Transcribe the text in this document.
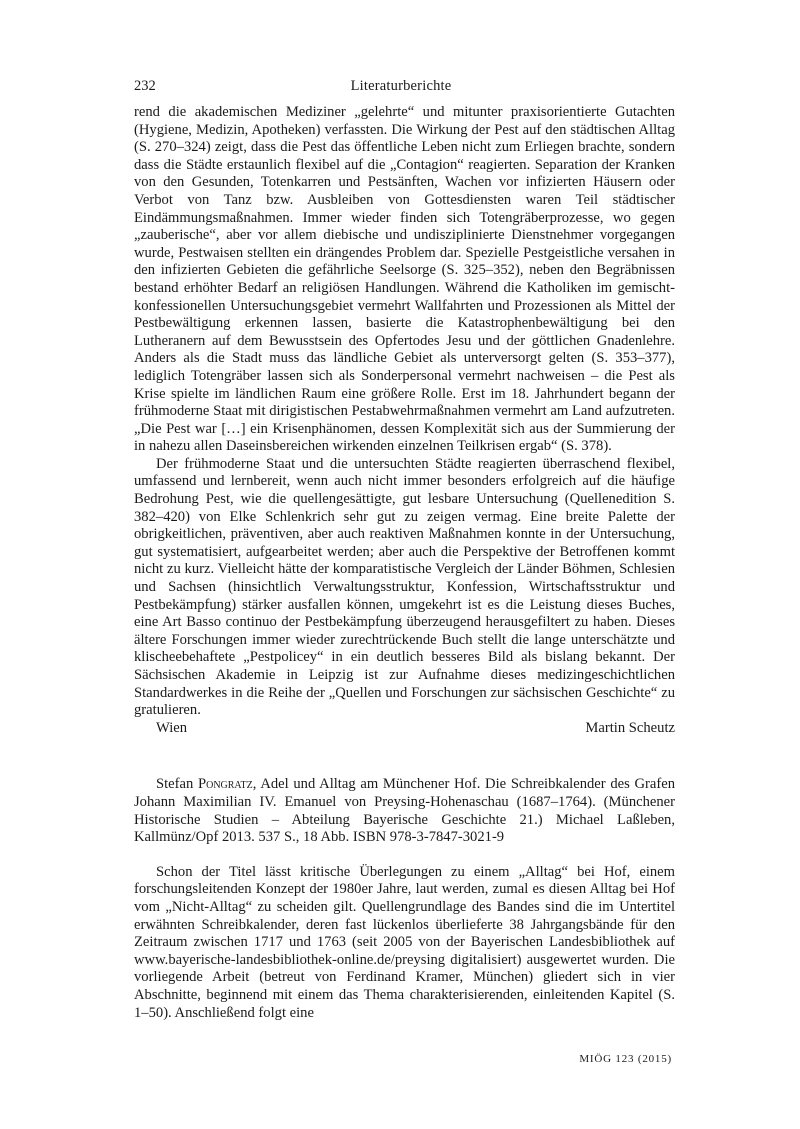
232	Literaturberichte

rend die akademischen Mediziner „gelehrte“ und mitunter praxisorientierte Gutachten (Hygiene, Medizin, Apotheken) verfassten. Die Wirkung der Pest auf den städtischen Alltag (S. 270–324) zeigt, dass die Pest das öffentliche Leben nicht zum Erliegen brachte, sondern dass die Städte erstaunlich flexibel auf die „Contagion“ reagierten. Separation der Kranken von den Gesunden, Totenkarren und Pestsänften, Wachen vor infizierten Häusern oder Verbot von Tanz bzw. Ausbleiben von Gottesdiensten waren Teil städtischer Eindämmungsmaßnahmen. Immer wieder finden sich Totengräberprozesse, wo gegen „zauberische“, aber vor allem diebische und undisziplinierte Dienstnehmer vorgegangen wurde, Pestwaisen stellten ein drängendes Problem dar. Spezielle Pestgeistliche versahen in den infizierten Gebieten die gefährliche Seelsorge (S. 325–352), neben den Begräbnissen bestand erhöhter Bedarf an religiösen Handlungen. Während die Katholiken im gemischt-konfessionellen Untersuchungsgebiet vermehrt Wallfahrten und Prozessionen als Mittel der Pestbewältigung erkennen lassen, basierte die Katastrophenbewältigung bei den Lutheranern auf dem Bewusstsein des Opfertodes Jesu und der göttlichen Gnadenlehre. Anders als die Stadt muss das ländliche Gebiet als unterversorgt gelten (S. 353–377), lediglich Totengräber lassen sich als Sonderpersonal vermehrt nachweisen – die Pest als Krise spielte im ländlichen Raum eine größere Rolle. Erst im 18. Jahrhundert begann der frühmoderne Staat mit dirigistischen Pestabwehrmaßnahmen vermehrt am Land aufzutreten. „Die Pest war […] ein Krisenphänomen, dessen Komplexität sich aus der Summierung der in nahezu allen Daseinsbereichen wirkenden einzelnen Teilkrisen ergab“ (S. 378).

Der frühmoderne Staat und die untersuchten Städte reagierten überraschend flexibel, umfassend und lernbereit, wenn auch nicht immer besonders erfolgreich auf die häufige Bedrohung Pest, wie die quellengesättigte, gut lesbare Untersuchung (Quellenedition S. 382–420) von Elke Schlenkrich sehr gut zu zeigen vermag. Eine breite Palette der obrigkeitlichen, präventiven, aber auch reaktiven Maßnahmen konnte in der Untersuchung, gut systematisiert, aufgearbeitet werden; aber auch die Perspektive der Betroffenen kommt nicht zu kurz. Vielleicht hätte der komparatistische Vergleich der Länder Böhmen, Schlesien und Sachsen (hinsichtlich Verwaltungsstruktur, Konfession, Wirtschaftsstruktur und Pestbekämpfung) stärker ausfallen können, umgekehrt ist es die Leistung dieses Buches, eine Art Basso continuo der Pestbekämpfung überzeugend herausgefiltert zu haben. Dieses ältere Forschungen immer wieder zurechtrückende Buch stellt die lange unterschätzte und klischeebehaftete „Pestpolicey“ in ein deutlich besseres Bild als bislang bekannt. Der Sächsischen Akademie in Leipzig ist zur Aufnahme dieses medizingeschichtlichen Standardwerkes in die Reihe der „Quellen und Forschungen zur sächsischen Geschichte“ zu gratulieren.

Wien	Martin Scheutz

Stefan Pongratz, Adel und Alltag am Münchener Hof. Die Schreibkalender des Grafen Johann Maximilian IV. Emanuel von Preysing-Hohenaschau (1687–1764). (Münchener Historische Studien – Abteilung Bayerische Geschichte 21.) Michael Laßleben, Kallmünz/Opf 2013. 537 S., 18 Abb. ISBN 978-3-7847-3021-9

Schon der Titel lässt kritische Überlegungen zu einem „Alltag“ bei Hof, einem forschungsleitenden Konzept der 1980er Jahre, laut werden, zumal es diesen Alltag bei Hof vom „Nicht-Alltag“ zu scheiden gilt. Quellengrundlage des Bandes sind die im Untertitel erwähnten Schreibkalender, deren fast lückenlos überlieferte 38 Jahrgangsbände für den Zeitraum zwischen 1717 und 1763 (seit 2005 von der Bayerischen Landesbibliothek auf www.bayerische-landesbibliothek-online.de/preysing digitalisiert) ausgewertet wurden. Die vorliegende Arbeit (betreut von Ferdinand Kramer, München) gliedert sich in vier Abschnitte, beginnend mit einem das Thema charakterisierenden, einleitenden Kapitel (S. 1–50). Anschließend folgt eine

MIÖG 123 (2015)
